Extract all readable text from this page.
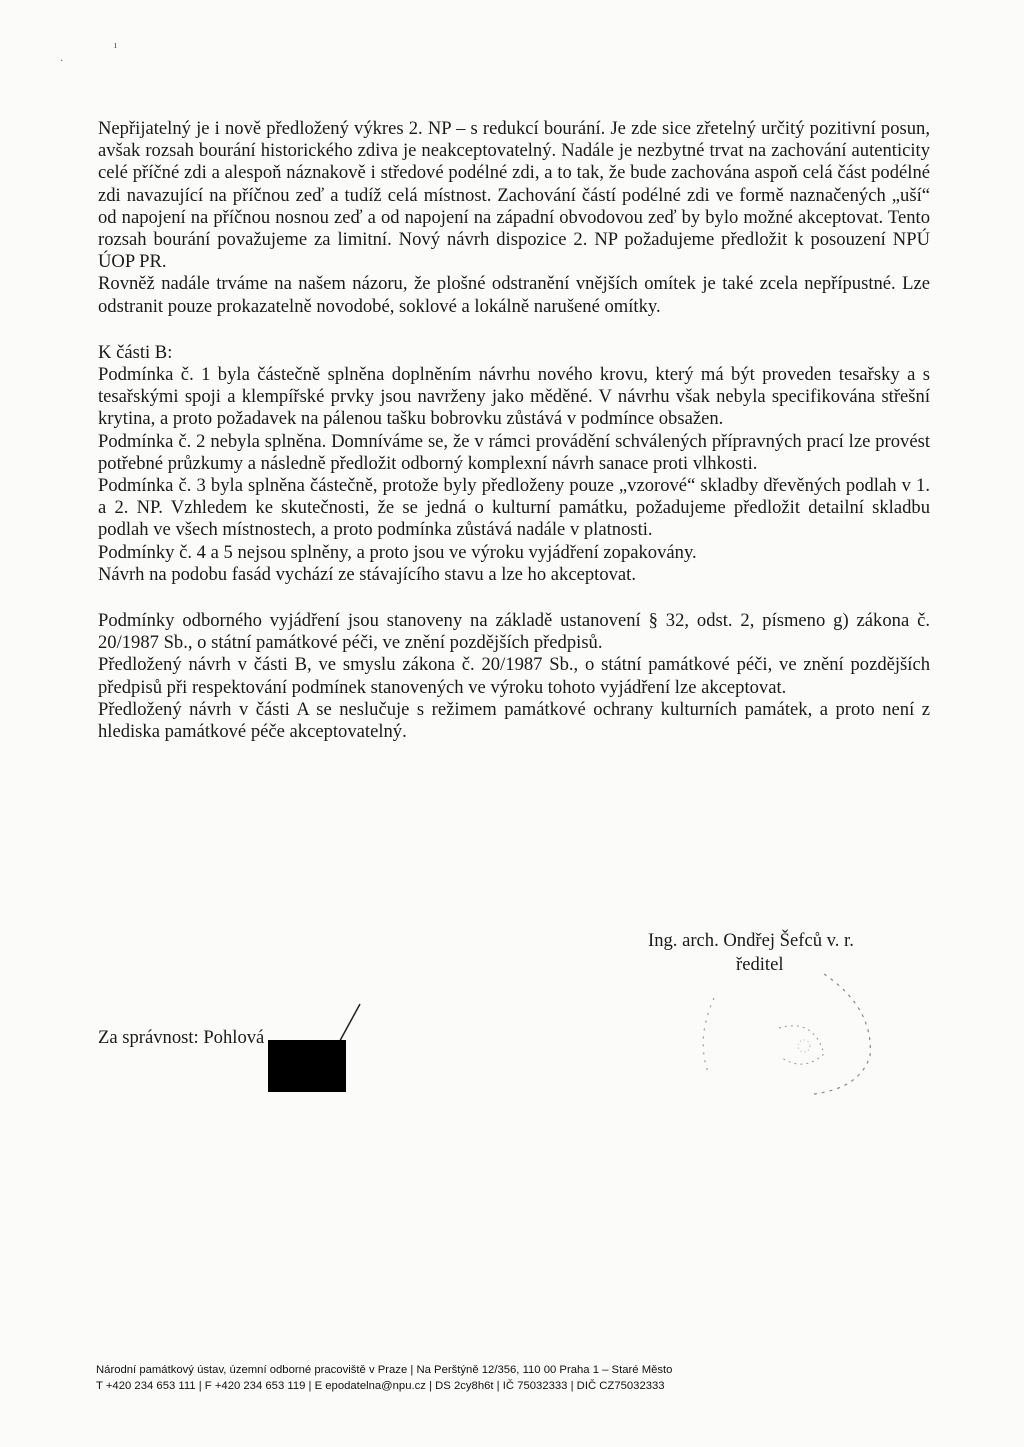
ı
·

Nepřijatelný je i nově předložený výkres 2. NP – s redukcí bourání. Je zde sice zřetelný určitý pozitivní posun, avšak rozsah bourání historického zdiva je neakceptovatelný. Nadále je nezbytné trvat na zachování autenticity celé příčné zdi a alespoň náznakově i středové podélné zdi, a to tak, že bude zachována aspoň celá část podélné zdi navazující na příčnou zeď a tudíž celá místnost. Zachování částí podélné zdi ve formě naznačených „uší“ od napojení na příčnou nosnou zeď a od napojení na západní obvodovou zeď by bylo možné akceptovat. Tento rozsah bourání považujeme za limitní. Nový návrh dispozice 2. NP požadujeme předložit k posouzení NPÚ ÚOP PR.

Rovněž nadále trváme na našem názoru, že plošné odstranění vnějších omítek je také zcela nepřípustné. Lze odstranit pouze prokazatelně novodobé, soklové a lokálně narušené omítky.

K části B:

Podmínka č. 1 byla částečně splněna doplněním návrhu nového krovu, který má být proveden tesařsky a s tesařskými spoji a klempířské prvky jsou navrženy jako měděné. V návrhu však nebyla specifikována střešní krytina, a proto požadavek na pálenou tašku bobrovku zůstává v podmínce obsažen.

Podmínka č. 2 nebyla splněna. Domníváme se, že v rámci provádění schválených přípravných prací lze provést potřebné průzkumy a následně předložit odborný komplexní návrh sanace proti vlhkosti.

Podmínka č. 3 byla splněna částečně, protože byly předloženy pouze „vzorové“ skladby dřevěných podlah v 1. a 2. NP. Vzhledem ke skutečnosti, že se jedná o kulturní památku, požadujeme předložit detailní skladbu podlah ve všech místnostech, a proto podmínka zůstává nadále v platnosti.

Podmínky č. 4 a 5 nejsou splněny, a proto jsou ve výroku vyjádření zopakovány.

Návrh na podobu fasád vychází ze stávajícího stavu a lze ho akceptovat.

Podmínky odborného vyjádření jsou stanoveny na základě ustanovení § 32, odst. 2, písmeno g) zákona č. 20/1987 Sb., o státní památkové péči, ve znění pozdějších předpisů.

Předložený návrh v části B, ve smyslu zákona č. 20/1987 Sb., o státní památkové péči, ve znění pozdějších předpisů při respektování podmínek stanovených ve výroku tohoto vyjádření lze akceptovat.

Předložený návrh v části A se neslučuje s režimem památkové ochrany kulturních památek, a proto není z hlediska památkové péče akceptovatelný.

Ing. arch. Ondřej Šefců v. r.
ředitel
Za správnost: Pohlová
Národní památkový ústav, územní odborné pracoviště v Praze | Na Perštýně 12/356, 110 00 Praha 1 – Staré Město
T +420 234 653 111 | F +420 234 653 119 | E epodatelna@npu.cz | DS 2cy8h6t | IČ 75032333 | DIČ CZ75032333
